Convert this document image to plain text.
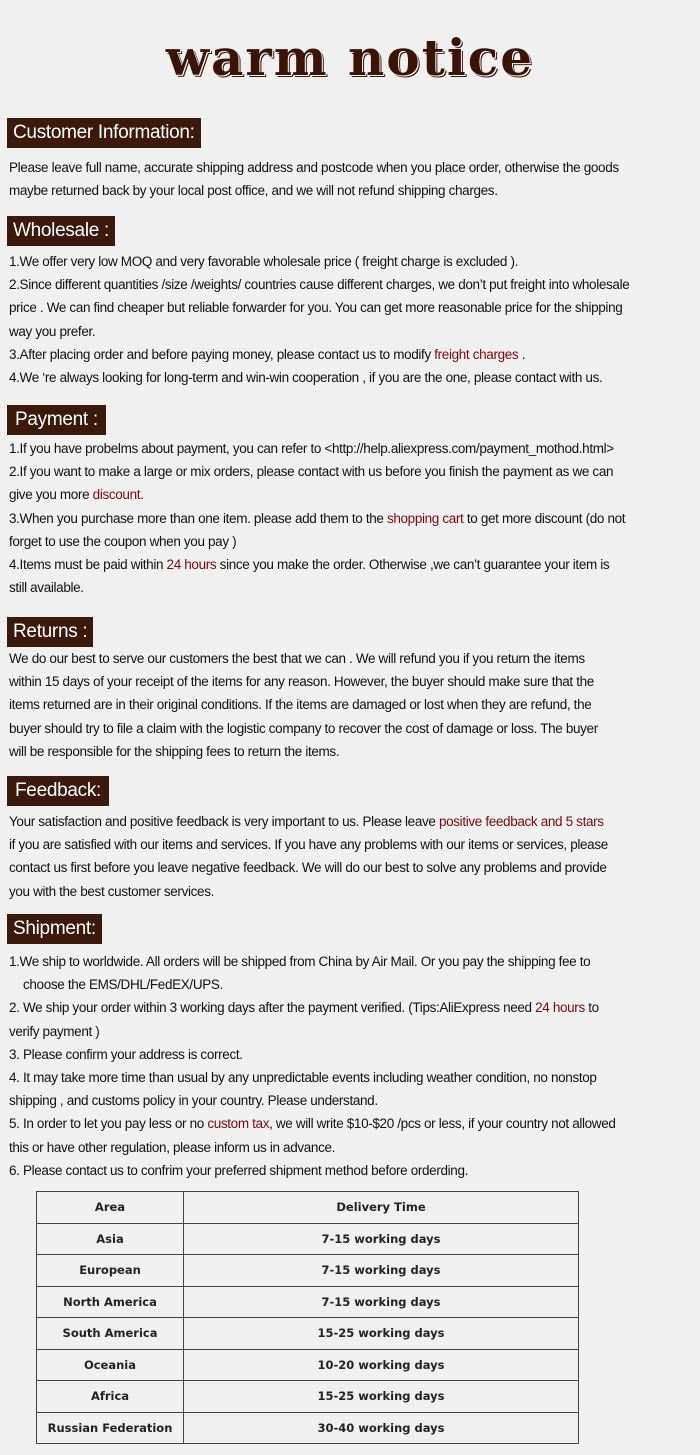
warm notice
Customer Information:
Please leave full name, accurate shipping address and postcode when you place order, otherwise the goods
maybe returned back by your local post office, and we will not refund shipping charges.
Wholesale :
1.We offer very low MOQ and very favorable wholesale price ( freight charge is excluded ).
2.Since different quantities /size /weights/ countries cause different charges, we don’t put freight into wholesale
price . We can find cheaper but reliable forwarder for you. You can get more reasonable price for the shipping
way you prefer.
3.After placing order and before paying money, please contact us to modify freight charges .
4.We ‘re always looking for long-term and win-win cooperation , if you are the one, please contact with us.
Payment :
1.If you have probelms about payment, you can refer to <http://help.aliexpress.com/payment_mothod.html>
2.If you want to make a large or mix orders, please contact with us before you finish the payment as we can
give you more discount.
3.When you purchase more than one item. please add them to the shopping cart to get more discount (do not
forget to use the coupon when you pay )
4.Items must be paid within 24 hours since you make the order. Otherwise ,we can’t guarantee your item is
still available.
Returns :
We do our best to serve our customers the best that we can . We will refund you if you return the items
within 15 days of your receipt of the items for any reason. However, the buyer should make sure that the
items returned are in their original conditions. If the items are damaged or lost when they are refund, the
buyer should try to file a claim with the logistic company to recover the cost of damage or loss. The buyer
will be responsible for the shipping fees to return the items.
Feedback:
Your satisfaction and positive feedback is very important to us. Please leave positive feedback and 5 stars
if you are satisfied with our items and services. If you have any problems with our items or services, please
contact us first before you leave negative feedback. We will do our best to solve any problems and provide
you with the best customer services.
Shipment:
1.We ship to worldwide. All orders will be shipped from China by Air Mail. Or you pay the shipping fee to
choose the EMS/DHL/FedEX/UPS.
2. We ship your order within 3 working days after the payment verified. (Tips:AliExpress need 24 hours to
verify payment )
3. Please confirm your address is correct.
4. It may take more time than usual by any unpredictable events including weather condition, no nonstop
shipping , and customs policy in your country. Please understand.
5. In order to let you pay less or no custom tax, we will write $10-$20 /pcs or less, if your country not allowed
this or have other regulation, please inform us in advance.
6. Please contact us to confrim your preferred shipment method before orderding.
Area	Delivery Time
Asia	7-15 working days
European	7-15 working days
North America	7-15 working days
South America	15-25 working days
Oceania	10-20 working days
Africa	15-25 working days
Russian Federation	30-40 working days
